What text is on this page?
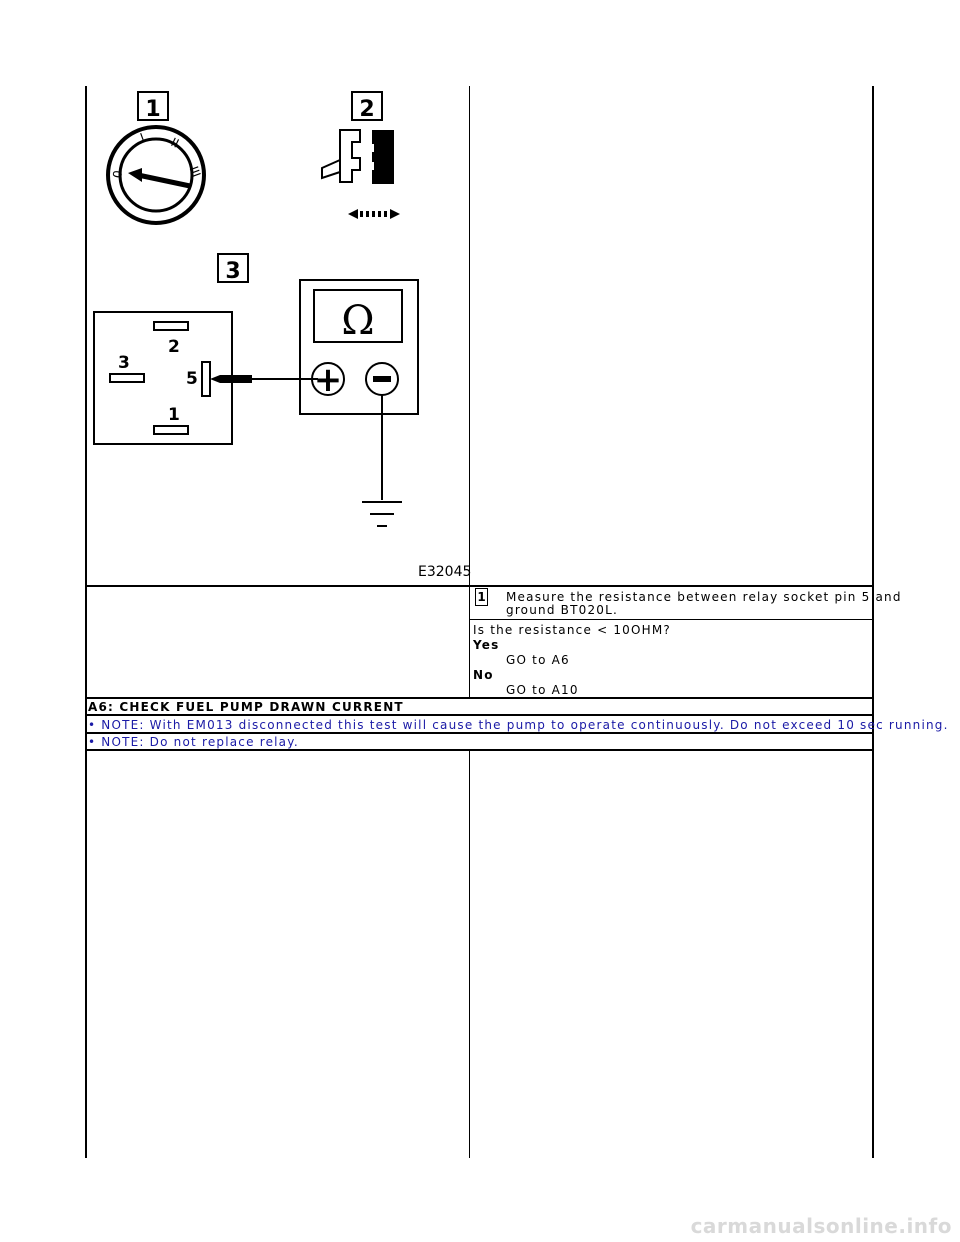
1	2
3
0
I II
III
2
3
5
1
Ω
+
E32045
1 Measure the resistance between relay socket pin 5 and
ground BT020L.
Is the resistance < 10OHM?
Yes
GO to A6
No
GO to A10
A6: CHECK FUEL PUMP DRAWN CURRENT
• NOTE: With EM013 disconnected this test will cause the pump to operate continuously. Do not exceed 10 sec running.
• NOTE: Do not replace relay.
carmanualsonline.info
